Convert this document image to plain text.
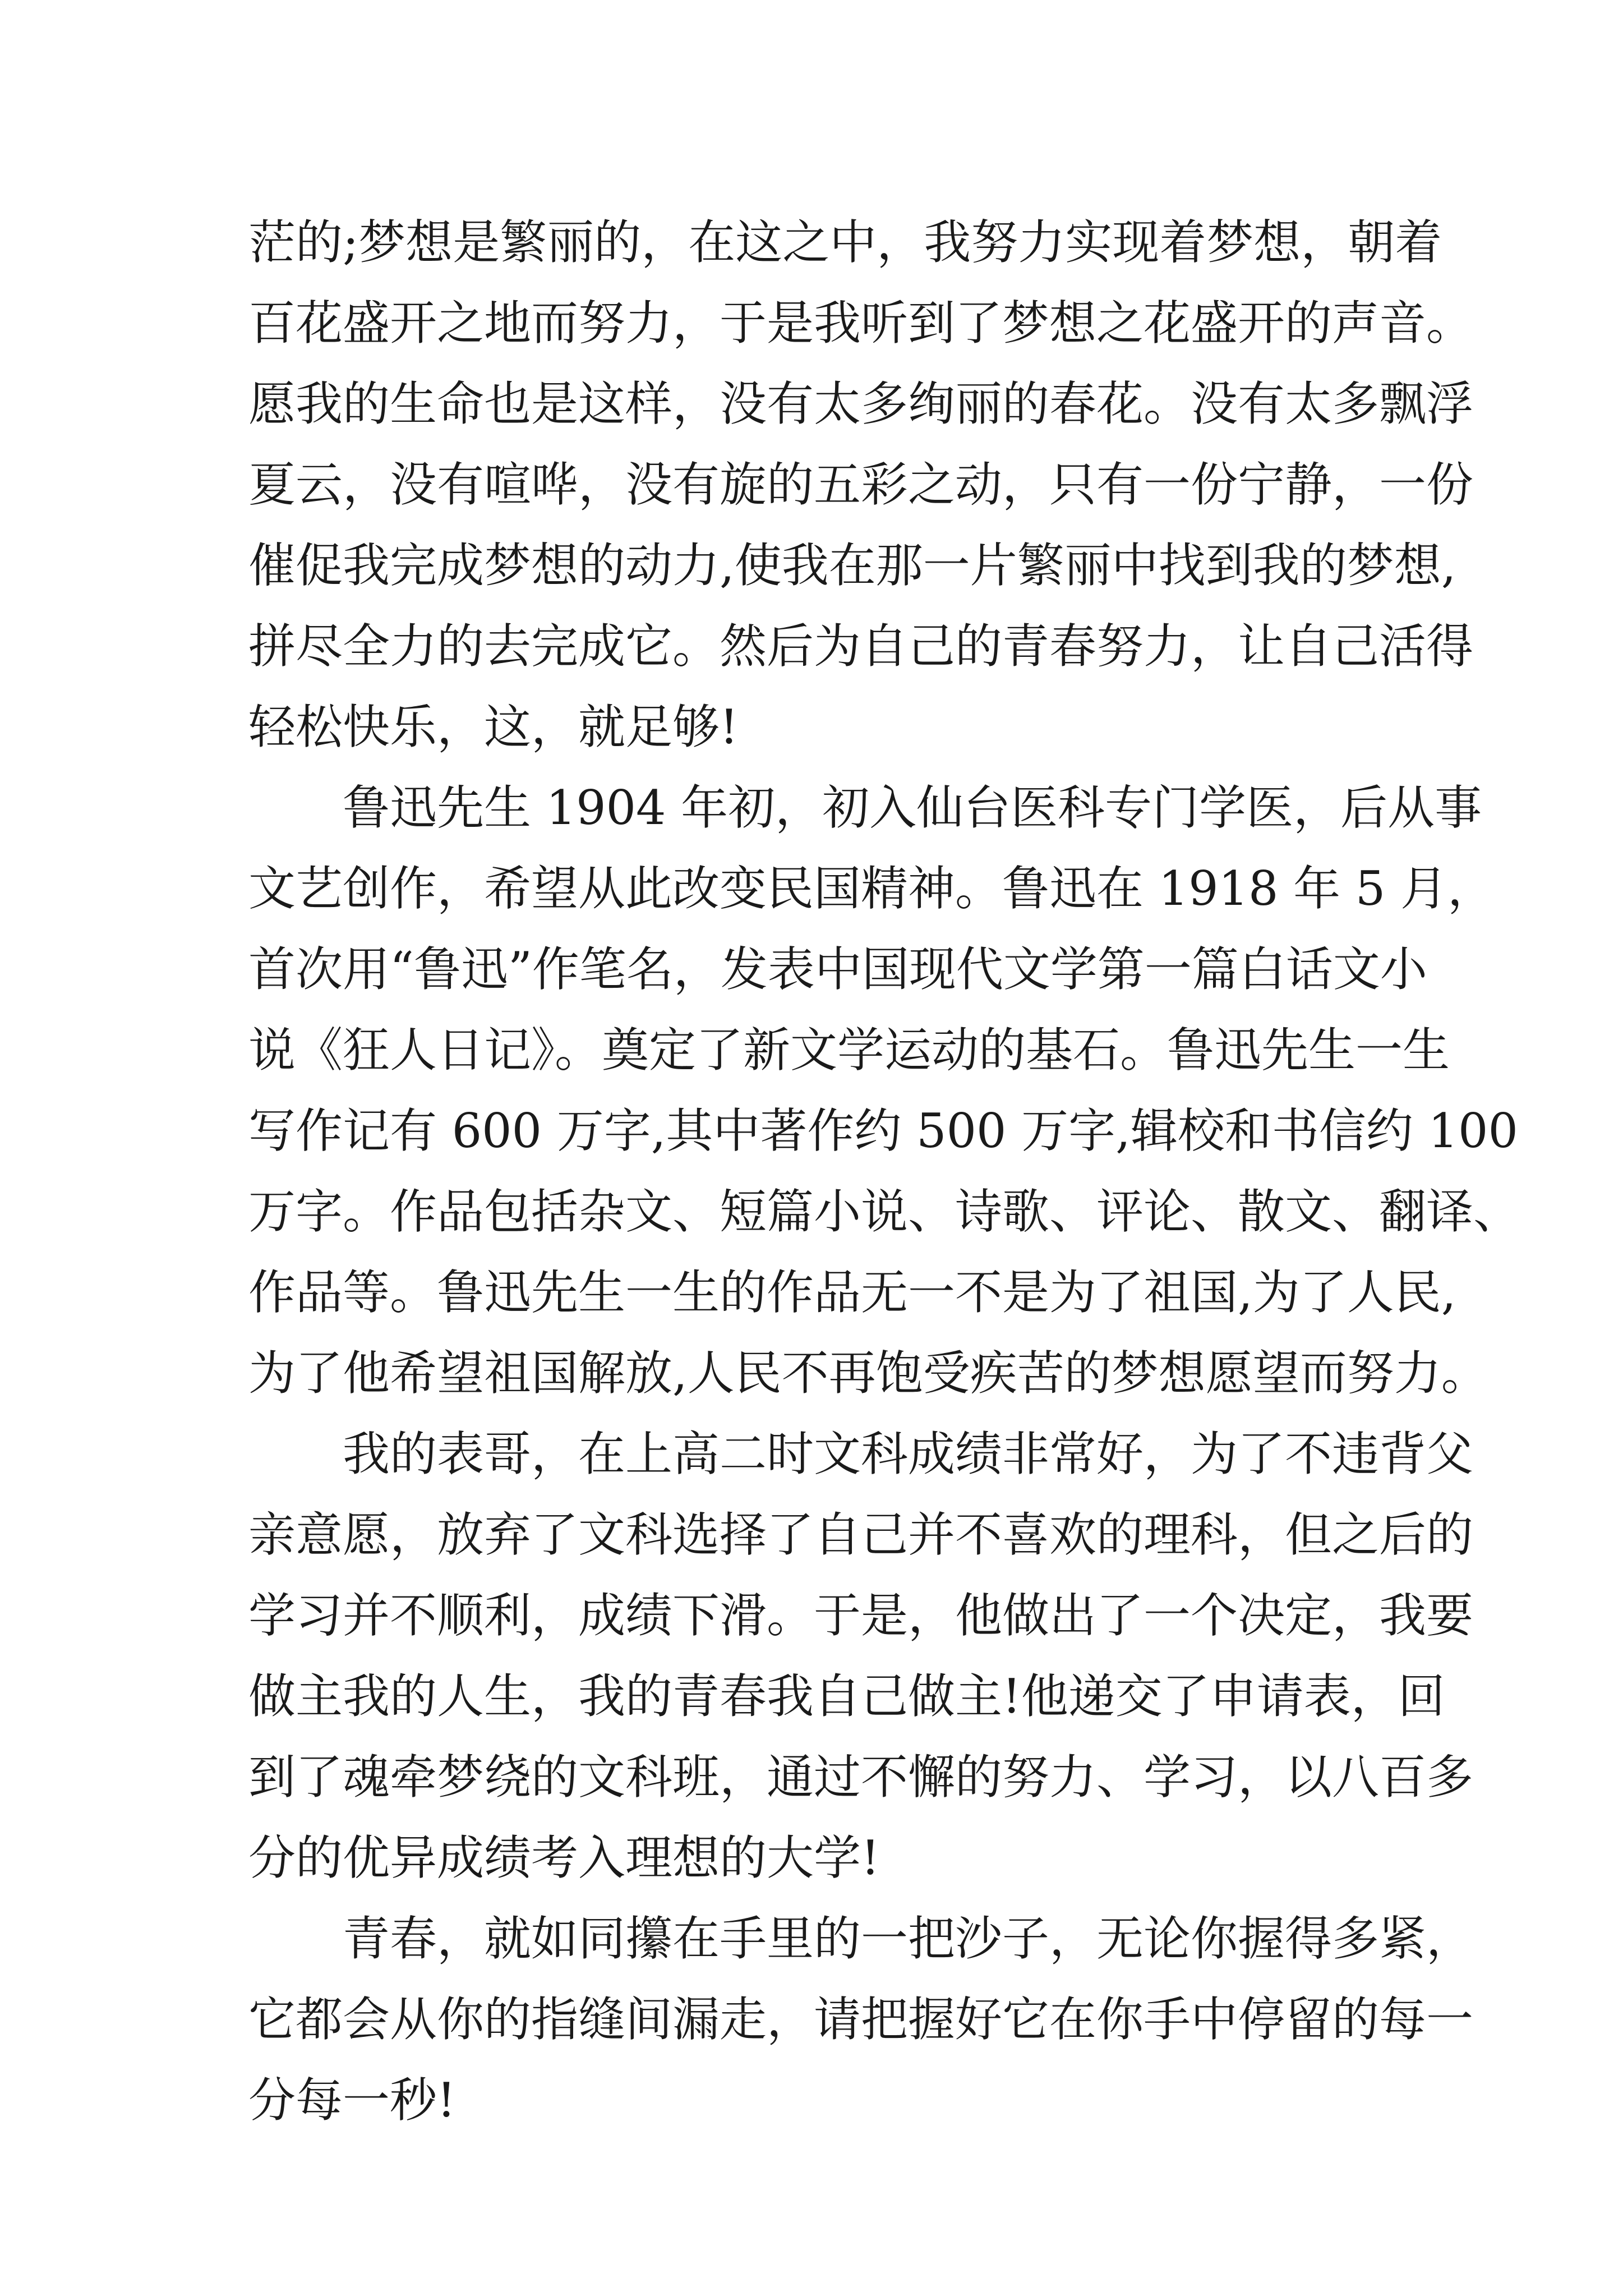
茫的;梦想是繁丽的，在这之中，我努力实现着梦想，朝着
百花盛开之地而努力，于是我听到了梦想之花盛开的声音。
愿我的生命也是这样，没有太多绚丽的春花。没有太多飘浮
夏云，没有喧哗，没有旋的五彩之动，只有一份宁静，一份
催促我完成梦想的动力,使我在那一片繁丽中找到我的梦想,
拼尽全力的去完成它。然后为自己的青春努力，让自己活得
轻松快乐，这，就足够!
鲁迅先生 1904 年初，初入仙台医科专门学医，后从事
文艺创作，希望从此改变民国精神。鲁迅在 1918 年 5 月，
首次用“鲁迅”作笔名，发表中国现代文学第一篇白话文小
说《狂人日记》。奠定了新文学运动的基石。鲁迅先生一生
写作记有 600 万字,其中著作约 500 万字,辑校和书信约 100
万字。作品包括杂文、短篇小说、诗歌、评论、散文、翻译、
作品等。鲁迅先生一生的作品无一不是为了祖国,为了人民,
为了他希望祖国解放,人民不再饱受疾苦的梦想愿望而努力。
我的表哥，在上高二时文科成绩非常好，为了不违背父
亲意愿，放弃了文科选择了自己并不喜欢的理科，但之后的
学习并不顺利，成绩下滑。于是，他做出了一个决定，我要
做主我的人生，我的青春我自己做主!他递交了申请表，回
到了魂牵梦绕的文科班，通过不懈的努力、学习，以八百多
分的优异成绩考入理想的大学!
青春，就如同攥在手里的一把沙子，无论你握得多紧，
它都会从你的指缝间漏走，请把握好它在你手中停留的每一
分每一秒!
